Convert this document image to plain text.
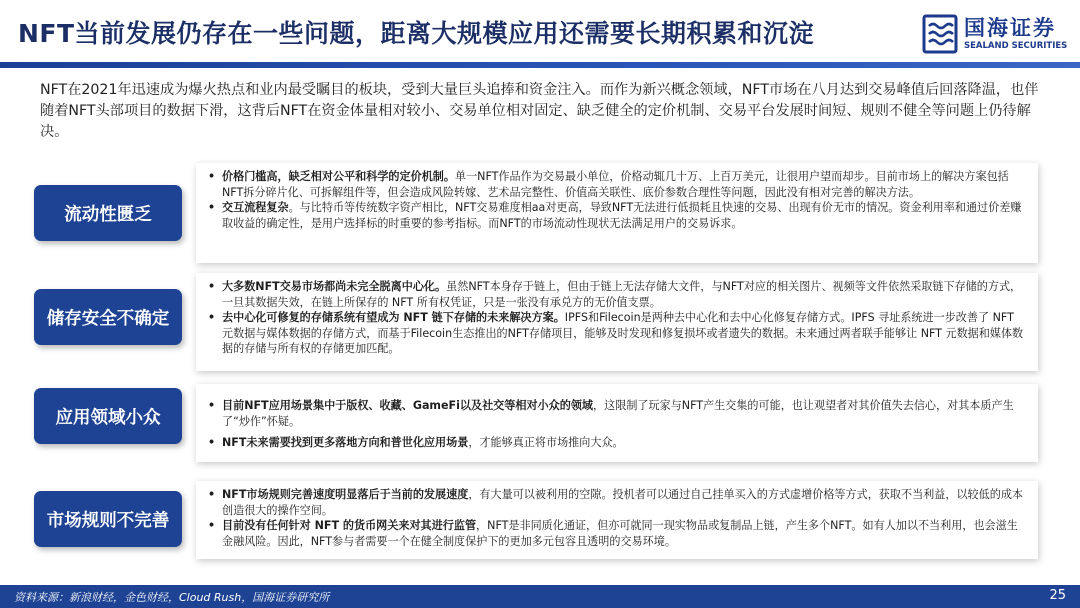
NFT当前发展仍存在一些问题，距离大规模应用还需要长期积累和沉淀	国海证券
SEALAND SECURITIES
NFT在2021年迅速成为爆火热点和业内最受瞩目的板块，受到大量巨头追捧和资金注入。而作为新兴概念领域，NFT市场在八月达到交易峰值后回落降温，也伴随着NFT头部项目的数据下滑，这背后NFT在资金体量相对较小、交易单位相对固定、缺乏健全的定价机制、交易平台发展时间短、规则不健全等问题上仍待解决。
流动性匮乏
• 价格门槛高，缺乏相对公平和科学的定价机制。单一NFT作品作为交易最小单位，价格动辄几十万、上百万美元，让很用户望而却步。目前市场上的解决方案包括NFT拆分碎片化、可拆解组件等，但会造成风险转嫁、艺术品完整性、价值高关联性、底价参数合理性等问题，因此没有相对完善的解决方法。
• 交互流程复杂。与比特币等传统数字资产相比，NFT交易难度相aa对更高，导致NFT无法进行低损耗且快速的交易、出现有价无市的情况。资金利用率和通过价差赚取收益的确定性，是用户选择标的时重要的参考指标。而NFT的市场流动性现状无法满足用户的交易诉求。
储存安全不确定
• 大多数NFT交易市场都尚未完全脱离中心化。虽然NFT本身存于链上，但由于链上无法存储大文件，与NFT对应的相关图片、视频等文件依然采取链下存储的方式，一旦其数据失效，在链上所保存的 NFT 所有权凭证，只是一张没有承兑方的无价值支票。
• 去中心化可修复的存储系统有望成为 NFT 链下存储的未来解决方案。IPFS和Filecoin是两种去中心化和去中心化修复存储方式。IPFS 寻址系统进一步改善了 NFT 元数据与媒体数据的存储方式，而基于Filecoin生态推出的NFT存储项目，能够及时发现和修复损坏或者遗失的数据。未来通过两者联手能够让 NFT 元数据和媒体数据的存储与所有权的存储更加匹配。
应用领域小众
• 目前NFT应用场景集中于版权、收藏、GameFi以及社交等相对小众的领域，这限制了玩家与NFT产生交集的可能，也让观望者对其价值失去信心，对其本质产生了“炒作”怀疑。
• NFT未来需要找到更多落地方向和普世化应用场景，才能够真正将市场推向大众。
市场规则不完善
• NFT市场规则完善速度明显落后于当前的发展速度，有大量可以被利用的空隙。投机者可以通过自己挂单买入的方式虚增价格等方式，获取不当利益，以较低的成本创造很大的操作空间。
• 目前没有任何针对 NFT 的货币网关来对其进行监管，NFT是非同质化通证，但亦可就同一现实物品或复制品上链，产生多个NFT。如有人加以不当利用，也会滋生金融风险。因此，NFT参与者需要一个在健全制度保护下的更加多元包容且透明的交易环境。
资料来源：新浪财经，金色财经，Cloud Rush，国海证券研究所	25
